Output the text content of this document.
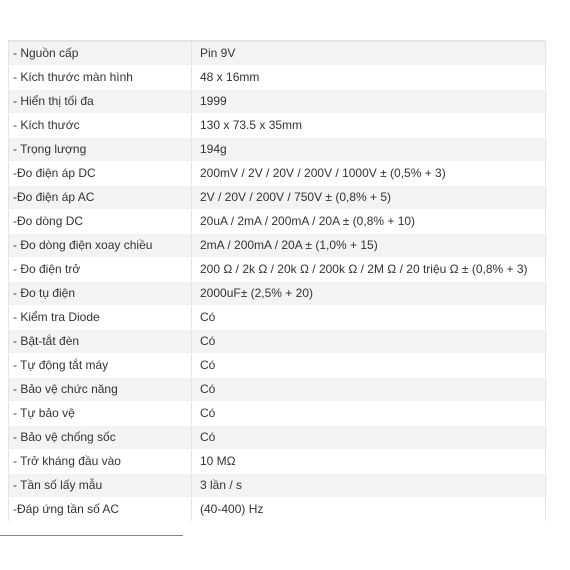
- Nguồn cấp	Pin 9V
- Kích thước màn hình	48 x 16mm
- Hiển thị tối đa	1999
- Kích thước	130 x 73.5 x 35mm
- Trọng lượng	194g
-Đo điện áp DC	200mV / 2V / 20V / 200V / 1000V ± (0,5% + 3)
-Đo điện áp AC	2V / 20V / 200V / 750V ± (0,8% + 5)
-Đo dòng DC	20uA / 2mA / 200mA / 20A ± (0,8% + 10)
- Đo dòng điện xoay chiều	2mA / 200mA / 20A ± (1,0% + 15)
- Đo điện trở	200 Ω / 2k Ω / 20k Ω / 200k Ω / 2M Ω / 20 triệu Ω ± (0,8% + 3)
- Đo tụ điện	2000uF± (2,5% + 20)
- Kiểm tra Diode	Có
- Bật-tắt đèn	Có
- Tự động tắt máy	Có
- Bảo vệ chức năng	Có
- Tự bảo vệ	Có
- Bảo vệ chống sốc	Có
- Trở kháng đầu vào	10 MΩ
- Tần số lấy mẫu	3 lần / s
-Đáp ứng tần số AC	(40-400) Hz
